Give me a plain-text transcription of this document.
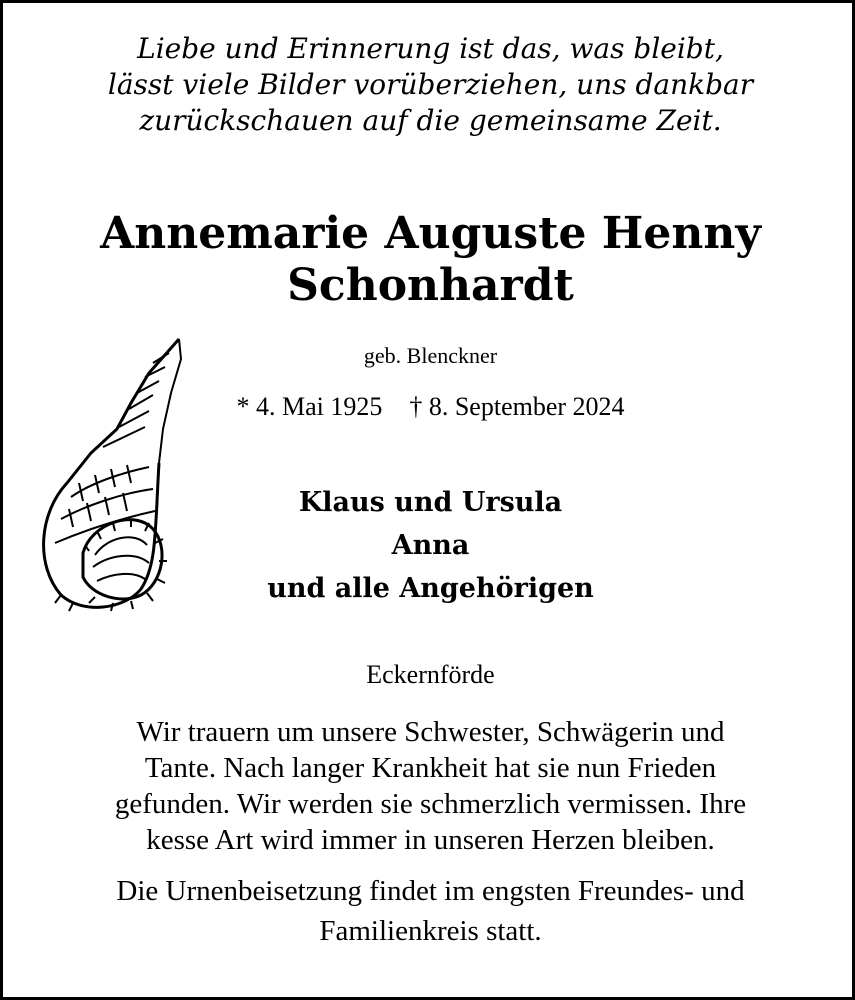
Liebe und Erinnerung ist das, was bleibt,
lässt viele Bilder vorüberziehen, uns dankbar
zurückschauen auf die gemeinsame Zeit.
Annemarie Auguste Henny
Schonhardt
geb. Blenckner
* 4. Mai 1925 † 8. September 2024
Klaus und Ursula
Anna
und alle Angehörigen
Eckernförde
Wir trauern um unsere Schwester, Schwägerin und
Tante. Nach langer Krankheit hat sie nun Frieden
gefunden. Wir werden sie schmerzlich vermissen. Ihre
kesse Art wird immer in unseren Herzen bleiben.
Die Urnenbeisetzung findet im engsten Freundes- und
Familienkreis statt.
